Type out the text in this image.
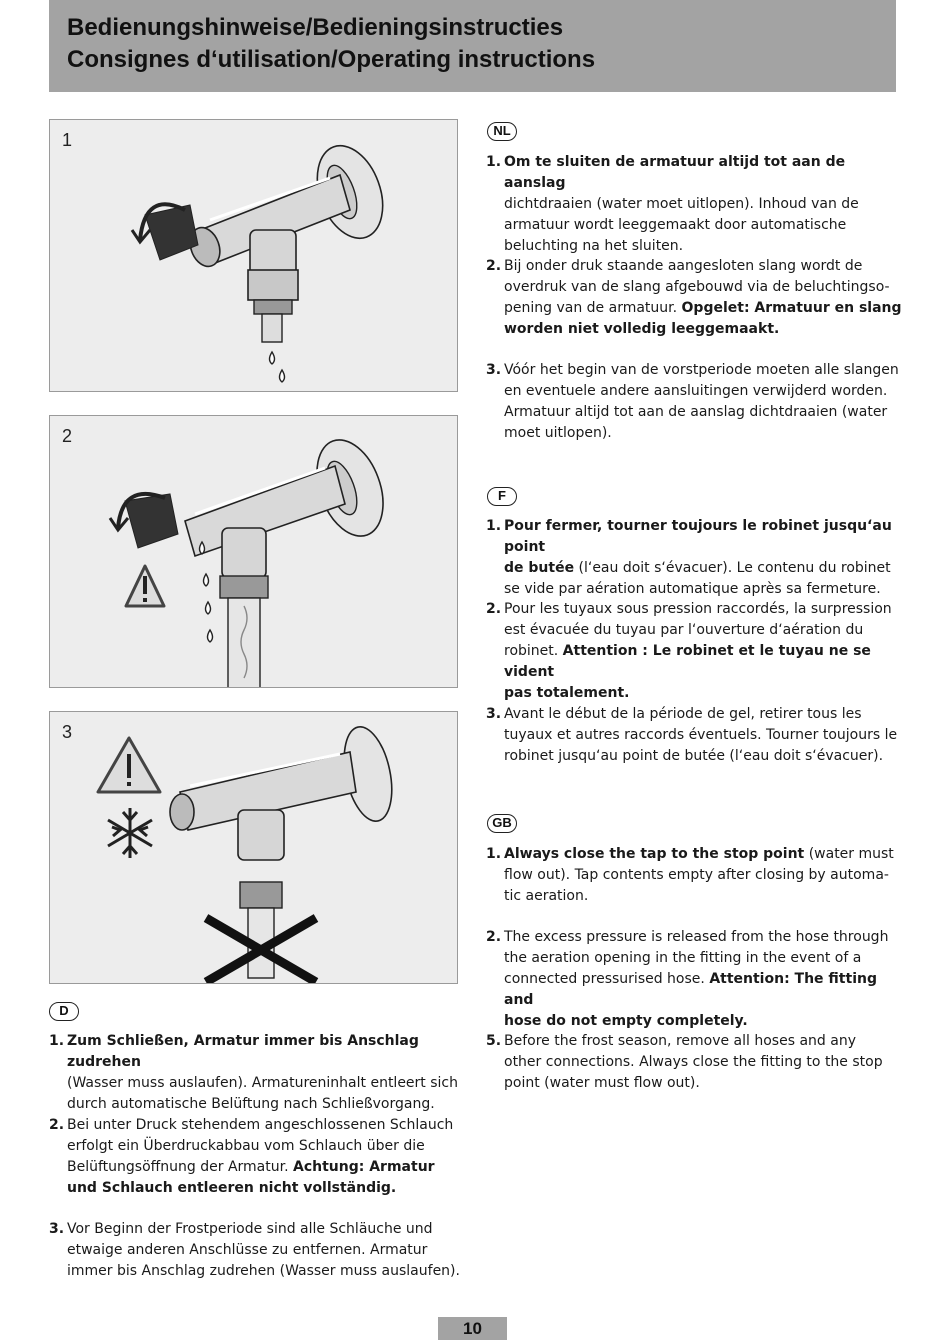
Bedienungshinweise/Bedieningsinstructies
Consignes d‘utilisation/Operating instructions
1
2
3
NL
F
GB
D
1. Om te sluiten de armatuur altijd tot aan de aanslag
dichtdraaien (water moet uitlopen). Inhoud van de
armatuur wordt leeggemaakt door automatische
beluchting na het sluiten.
2. Bij onder druk staande aangesloten slang wordt de
overdruk van de slang afgebouwd via de beluchtingso-
pening van de armatuur. Opgelet: Armatuur en slang
worden niet volledig leeggemaakt.
3. Vóór het begin van de vorstperiode moeten alle slangen
en eventuele andere aansluitingen verwijderd worden.
Armatuur altijd tot aan de aanslag dichtdraaien (water
moet uitlopen).
1. Pour fermer, tourner toujours le robinet jusqu‘au point
de butée (l‘eau doit s‘évacuer). Le contenu du robinet
se vide par aération automatique après sa fermeture.
2. Pour les tuyaux sous pression raccordés, la surpression
est évacuée du tuyau par l‘ouverture d‘aération du
robinet. Attention : Le robinet et le tuyau ne se vident
pas totalement.
3. Avant le début de la période de gel, retirer tous les
tuyaux et autres raccords éventuels. Tourner toujours le
robinet jusqu‘au point de butée (l‘eau doit s‘évacuer).
1. Always close the tap to the stop point (water must
flow out). Tap contents empty after closing by automa-
tic aeration.
2. The excess pressure is released from the hose through
the aeration opening in the fitting in the event of a
connected pressurised hose. Attention: The fitting and
hose do not empty completely.
5. Before the frost season, remove all hoses and any
other connections. Always close the fitting to the stop
point (water must flow out).
1. Zum Schließen, Armatur immer bis Anschlag zudrehen
(Wasser muss auslaufen). Armatureninhalt entleert sich
durch automatische Belüftung nach Schließvorgang.
2. Bei unter Druck stehendem angeschlossenen Schlauch
erfolgt ein Überdruckabbau vom Schlauch über die
Belüftungsöffnung der Armatur. Achtung: Armatur
und Schlauch entleeren nicht vollständig.
3. Vor Beginn der Frostperiode sind alle Schläuche und
etwaige anderen Anschlüsse zu entfernen. Armatur
immer bis Anschlag zudrehen (Wasser muss auslaufen).
10
